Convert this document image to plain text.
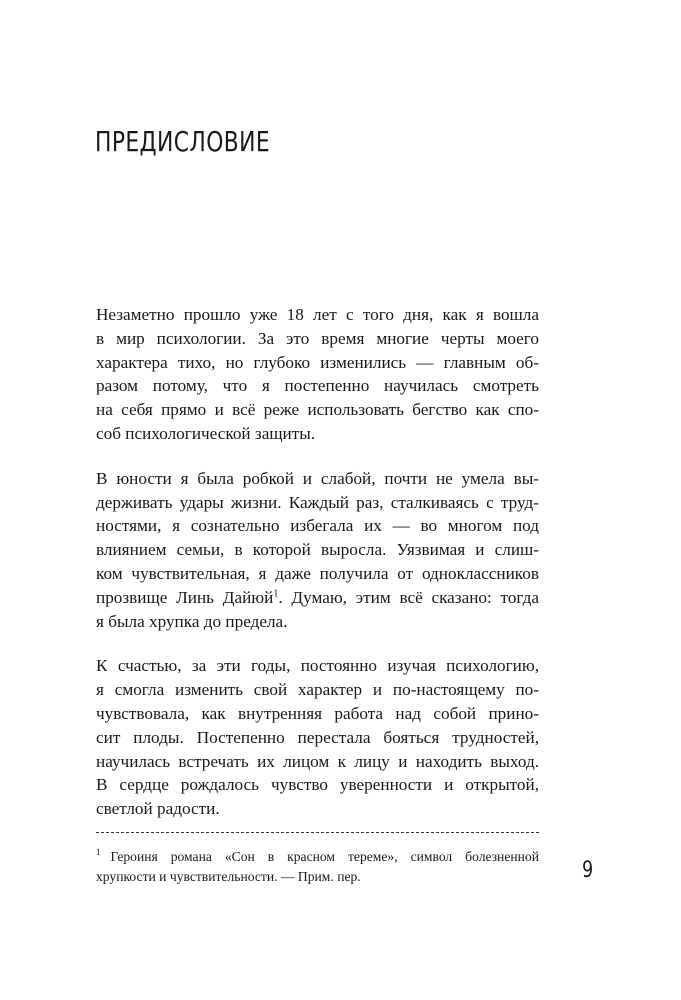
предисловие

Незаметно прошло уже 18 лет с того дня, как я вошла
в мир психологии. За это время многие черты моего
характера тихо, но глубоко изменились — главным об-
разом потому, что я постепенно научилась смотреть
на себя прямо и всё реже использовать бегство как спо-
соб психологической защиты.

В юности я была робкой и слабой, почти не умела вы-
держивать удары жизни. Каждый раз, сталкиваясь с труд-
ностями, я сознательно избегала их — во многом под
влиянием семьи, в которой выросла. Уязвимая и слиш-
ком чувствительная, я даже получила от одноклассников
прозвище Линь Дайюй$^1$. Думаю, этим всё сказано: тогда
я была хрупка до предела.

К счастью, за эти годы, постоянно изучая психологию,
я смогла изменить свой характер и по-настоящему по-
чувствовала, как внутренняя работа над собой прино-
сит плоды. Постепенно перестала бояться трудностей,
научилась встречать их лицом к лицу и находить выход.
В сердце рождалось чувство уверенности и открытой,
светлой радости.

$^1$ Героиня романа «Сон в красном тереме», символ болезненной
хрупкости и чувствительности. — Прим. пер.	9
